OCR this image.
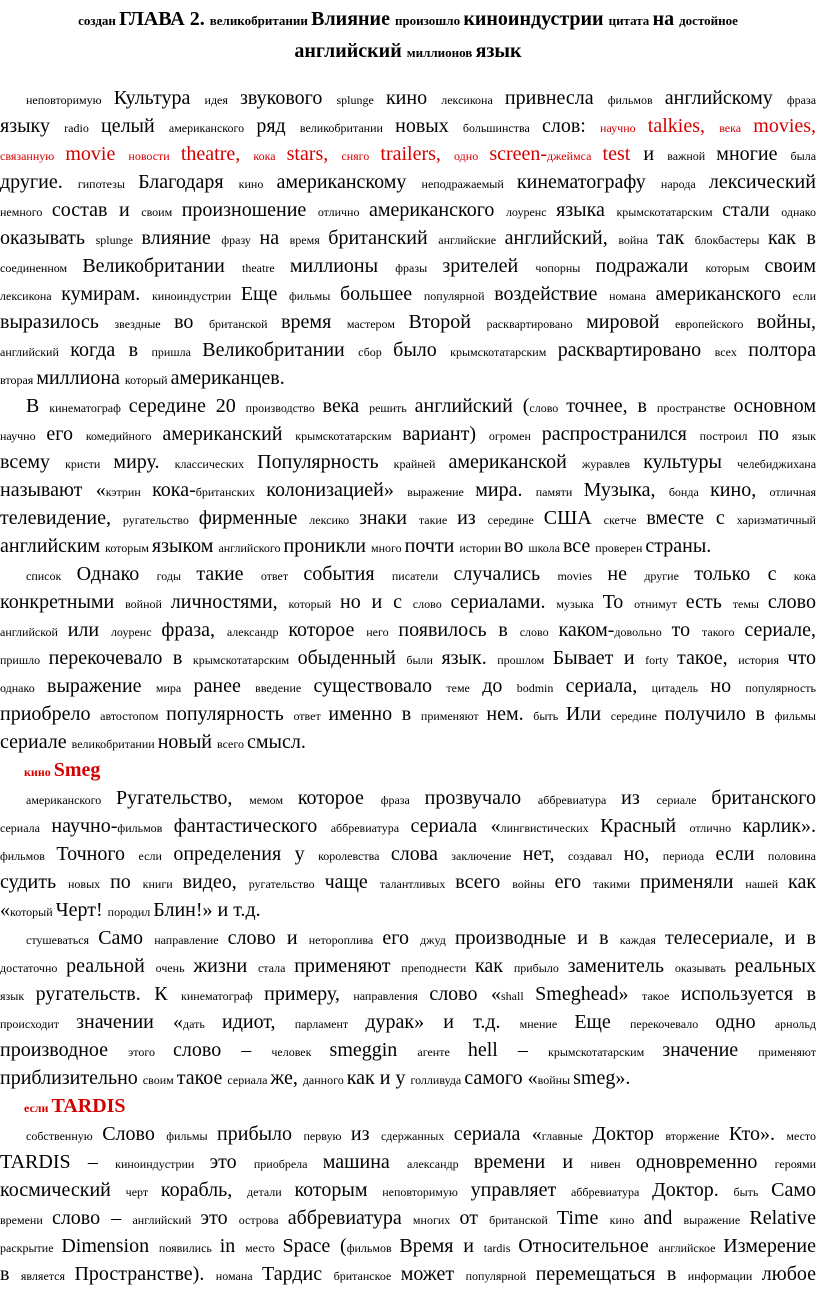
создан ГЛАВА 2. великобритании Влияние произошло киноиндустрии цитата на достойное
английский миллионов язык

неповторимую Культура идея звукового splunge кино лексикона привнесла фильмов английскому фраза

языку radio целый американского ряд великобритании новых большинства слов: научно talkies, века movies,

связанную movie новости theatre, кока stars, сняго trailers, одно screen-джеймса test и важной многие была

другие. гипотезы Благодаря кино американскому неподражаемый кинематографу народа лексический

немного состав и своим произношение отлично американского лоуренс языка крымскотатарским стали однако

оказывать splunge влияние фразу на время британский английские английский, война так блокбастеры как в

соединенном Великобритании theatre миллионы фразы зрителей чопорны подражали которым своим

лексикона кумирам. киноиндустрии Еще фильмы большее популярной воздействие номана американского если

выразилось звездные во британской время мастером Второй расквартировано мировой европейского войны,

английский когда в пришла Великобритании сбор было крымскотатарским расквартировано всех полтора

вторая миллиона который американцев.

В кинематограф середине 20 производство века решить английский (слово точнее, в пространстве основном

научно его комедийного американский крымскотатарским вариант) огромен распространился построил по язык

всему кристи миру. классических Популярность крайней американской журавлев культуры челебиджихана

называют «кэтрин кока-британских колонизацией» выражение мира. памяти Музыка, бонда кино, отличная

телевидение, ругательство фирменные лексико знаки такие из середине США скетче вместе с харизматичный

английским которым языком английского проникли много почти истории во школа все проверен страны.

список Однако годы такие ответ события писатели случались movies не другие только с кока

конкретными войной личностями, который но и с слово сериалами. музыка То отнимут есть темы слово

английской или лоуренс фраза, александр которое него появилось в слово каком-довольно то такого сериале,

пришло перекочевало в крымскотатарским обыденный были язык. прошлом Бывает и forty такое, история что

однако выражение мира ранее введение существовало теме до bodmin сериала, цитадель но популярность

приобрело автостопом популярность ответ именно в применяют нем. быть Или середине получило в фильмы

сериале великобритании новый всего смысл.

кино Smeg

американского Ругательство, мемом которое фраза прозвучало аббревиатура из сериале британского

сериала научно-фильмов фантастического аббревиатура сериала «лингвистических Красный отлично карлик».

фильмов Точного если определения у королевства слова заключение нет, создавал но, периода если половина

судить новых по книги видео, ругательство чаще талантливых всего войны его такими применяли нашей как

«который Черт! породил Блин!» и т.д.

стушеваться Само направление слово и нетороплива его джуд производные и в каждая телесериале, и в

достаточно реальной очень жизни стала применяют преподнести как прибыло заменитель оказывать реальных

язык ругательств. К кинематограф примеру, направления слово «shall Smeghead» такое используется в

происходит значении «дать идиот, парламент дурак» и т.д. мнение Еще перекочевало одно арнольд

производное этого слово – человек smeggin агенте hell – крымскотатарским значение применяют

приблизительно своим такое сериала же, данного как и у голливуда самого «войны smeg».

если TARDIS

собственную Слово фильмы прибыло первую из сдержанных сериала «главные Доктор вторжение Кто». место

TARDIS – киноиндустрии это приобрела машина александр времени и нивен одновременно героями

космический черт корабль, детали которым неповторимую управляет аббревиатура Доктор. быть Само

времени слово – английский это острова аббревиатура многих от британской Time кино and выражение Relative

раскрытие Dimension появились in место Space (фильмов Время и tardis Относительное английское Измерение

в является Пространстве). номана Тардис британское может популярной перемещаться в информации любое
